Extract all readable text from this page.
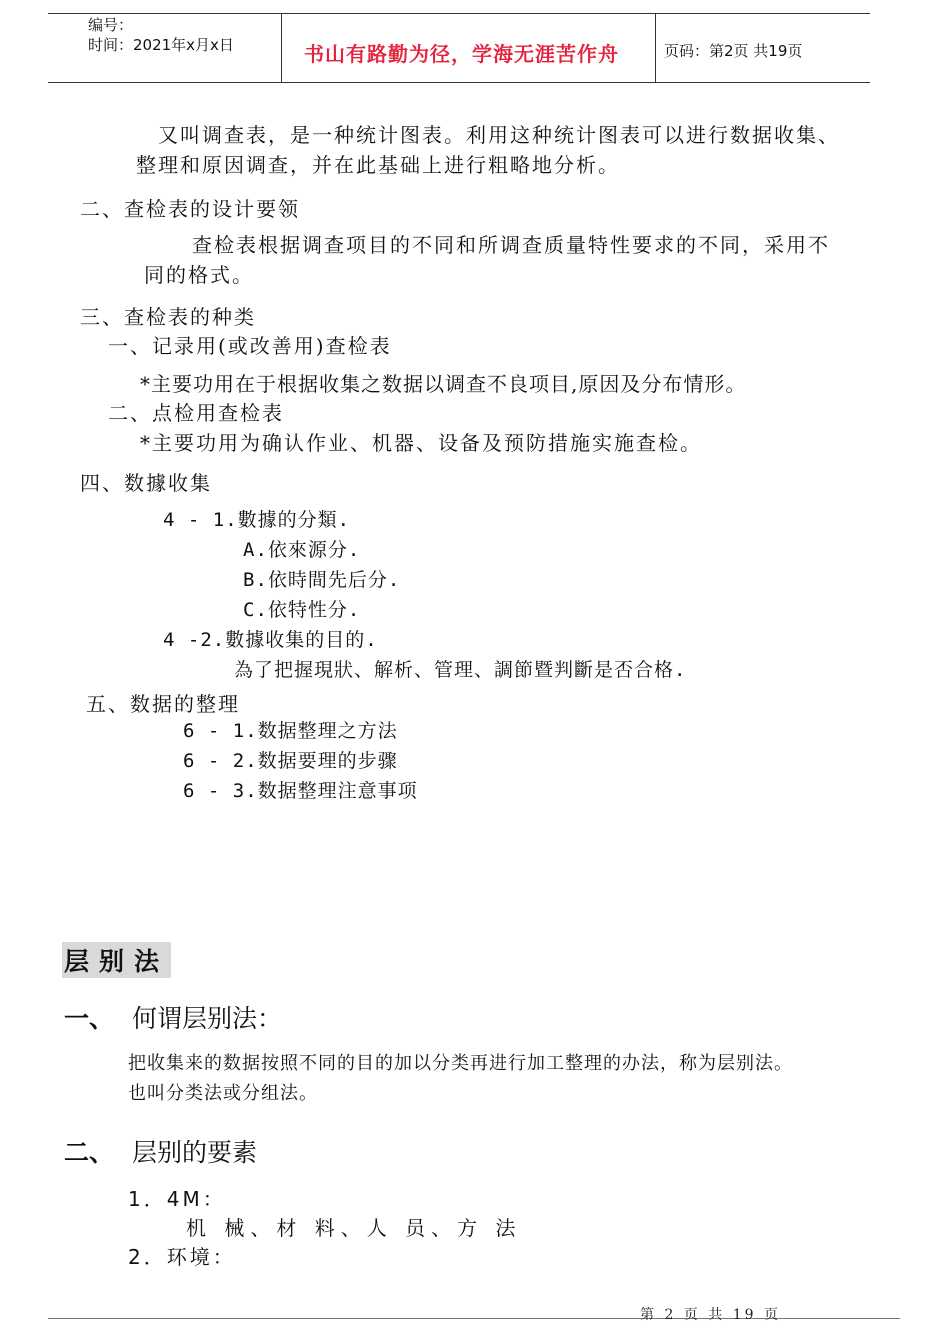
编号：
时间：2021年x月x日	书山有路勤为径，学海无涯苦作舟	页码：第2页 共19页
又叫调查表，是一种统计图表。利用这种统计图表可以进行数据收集、
整理和原因调查，并在此基础上进行粗略地分析。
二、查检表的设计要领
查检表根据调查项目的不同和所调查质量特性要求的不同，采用不
同的格式。
三、查检表的种类
一、记录用(或改善用)查检表
*主要功用在于根据收集之数据以调查不良项目,原因及分布情形。
二、点检用查检表
*主要功用为确认作业、机器、设备及预防措施实施查检。
四、数據收集
4 - 1.數據的分類.
A.依來源分.
B.依時間先后分.
C.依特性分.
4 -2.數據收集的目的.
為了把握現狀、解析、管理、調節暨判斷是否合格.
五、数据的整理
6 - 1.数据整理之方法
6 - 2.数据要理的步骤
6 - 3.数据整理注意事项
层别法
一、 何谓层别法：
把收集来的数据按照不同的目的加以分类再进行加工整理的办法，称为层别法。
也叫分类法或分组法。
二、 层别的要素
1．4M：
机 械、材 料、人 员、方 法
2．环境：
第 2 页 共 19 页
